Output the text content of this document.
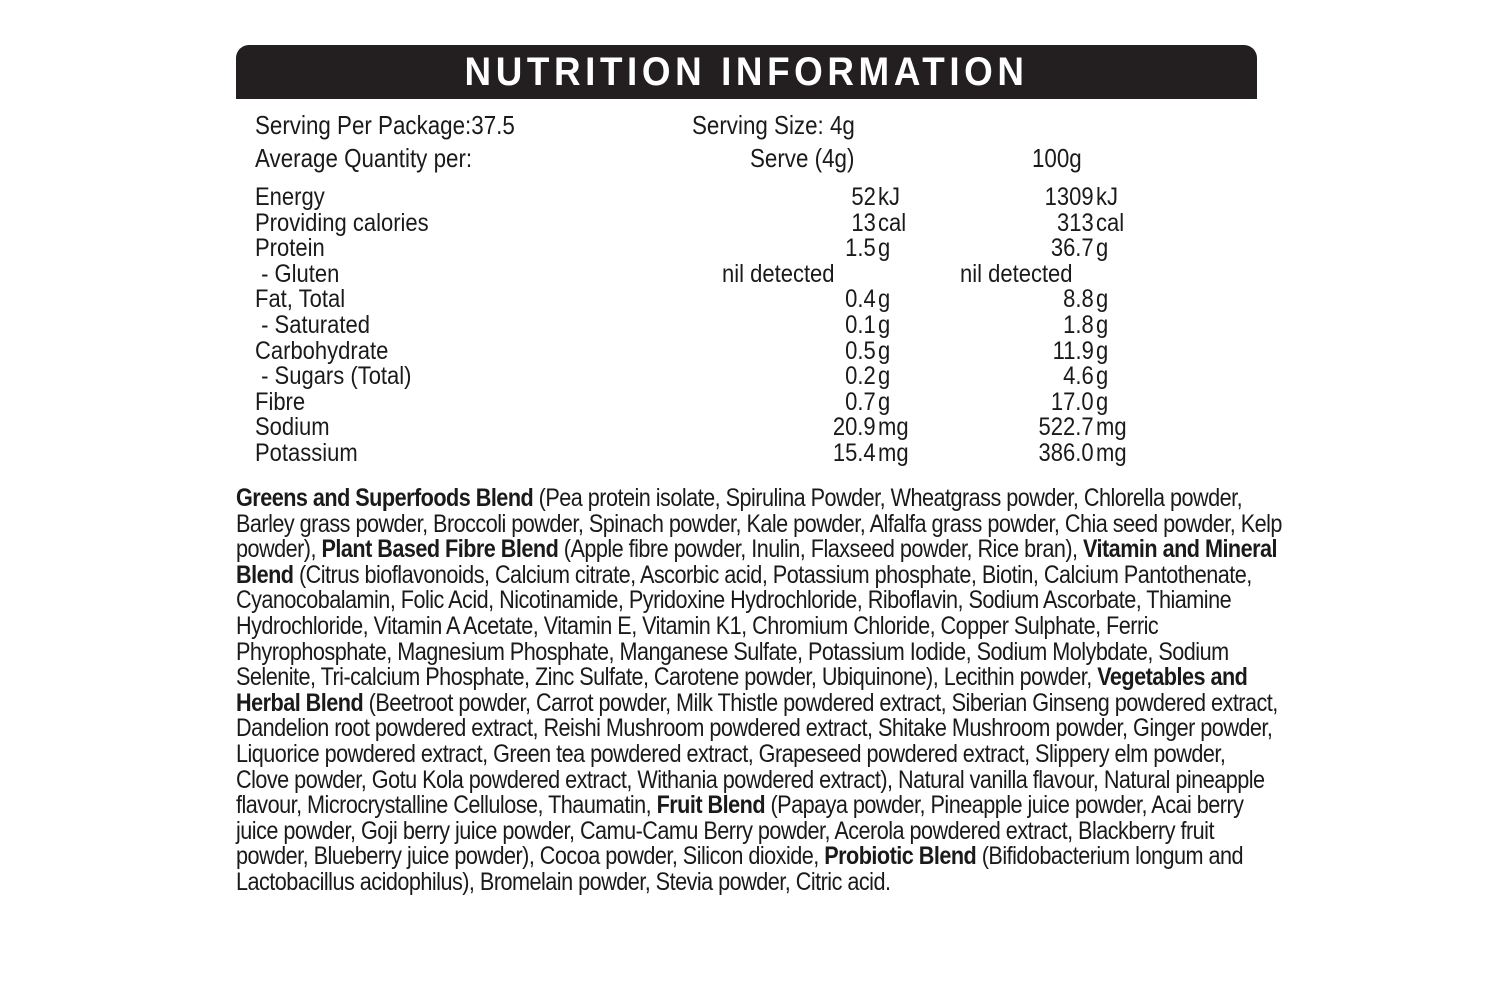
NUTRITION INFORMATION
Serving Per Package:37.5	Serving Size: 4g
Average Quantity per:	Serve (4g)	100g
Energy	52 kJ	1309 kJ
Providing calories	13 cal	313 cal
Protein	1.5 g	36.7 g
- Gluten	nil detected	nil detected
Fat, Total	0.4 g	8.8 g
- Saturated	0.1 g	1.8 g
Carbohydrate	0.5 g	11.9 g
- Sugars (Total)	0.2 g	4.6 g
Fibre	0.7 g	17.0 g
Sodium	20.9 mg	522.7 mg
Potassium	15.4 mg	386.0 mg
Greens and Superfoods Blend (Pea protein isolate, Spirulina Powder, Wheatgrass powder, Chlorella powder, Barley grass powder, Broccoli powder, Spinach powder, Kale powder, Alfalfa grass powder, Chia seed powder, Kelp powder), Plant Based Fibre Blend (Apple fibre powder, Inulin, Flaxseed powder, Rice bran), Vitamin and Mineral Blend (Citrus bioflavonoids, Calcium citrate, Ascorbic acid, Potassium phosphate, Biotin, Calcium Pantothenate, Cyanocobalamin, Folic Acid, Nicotinamide, Pyridoxine Hydrochloride, Riboflavin, Sodium Ascorbate, Thiamine Hydrochloride, Vitamin A Acetate, Vitamin E, Vitamin K1, Chromium Chloride, Copper Sulphate, Ferric Phyrophosphate, Magnesium Phosphate, Manganese Sulfate, Potassium Iodide, Sodium Molybdate, Sodium Selenite, Tri-calcium Phosphate, Zinc Sulfate, Carotene powder, Ubiquinone), Lecithin powder, Vegetables and Herbal Blend (Beetroot powder, Carrot powder, Milk Thistle powdered extract, Siberian Ginseng powdered extract, Dandelion root powdered extract, Reishi Mushroom powdered extract, Shitake Mushroom powder, Ginger powder, Liquorice powdered extract, Green tea powdered extract, Grapeseed powdered extract, Slippery elm powder, Clove powder, Gotu Kola powdered extract, Withania powdered extract), Natural vanilla flavour, Natural pineapple flavour, Microcrystalline Cellulose, Thaumatin, Fruit Blend (Papaya powder, Pineapple juice powder, Acai berry juice powder, Goji berry juice powder, Camu-Camu Berry powder, Acerola powdered extract, Blackberry fruit powder, Blueberry juice powder), Cocoa powder, Silicon dioxide, Probiotic Blend (Bifidobacterium longum and Lactobacillus acidophilus), Bromelain powder, Stevia powder, Citric acid.
